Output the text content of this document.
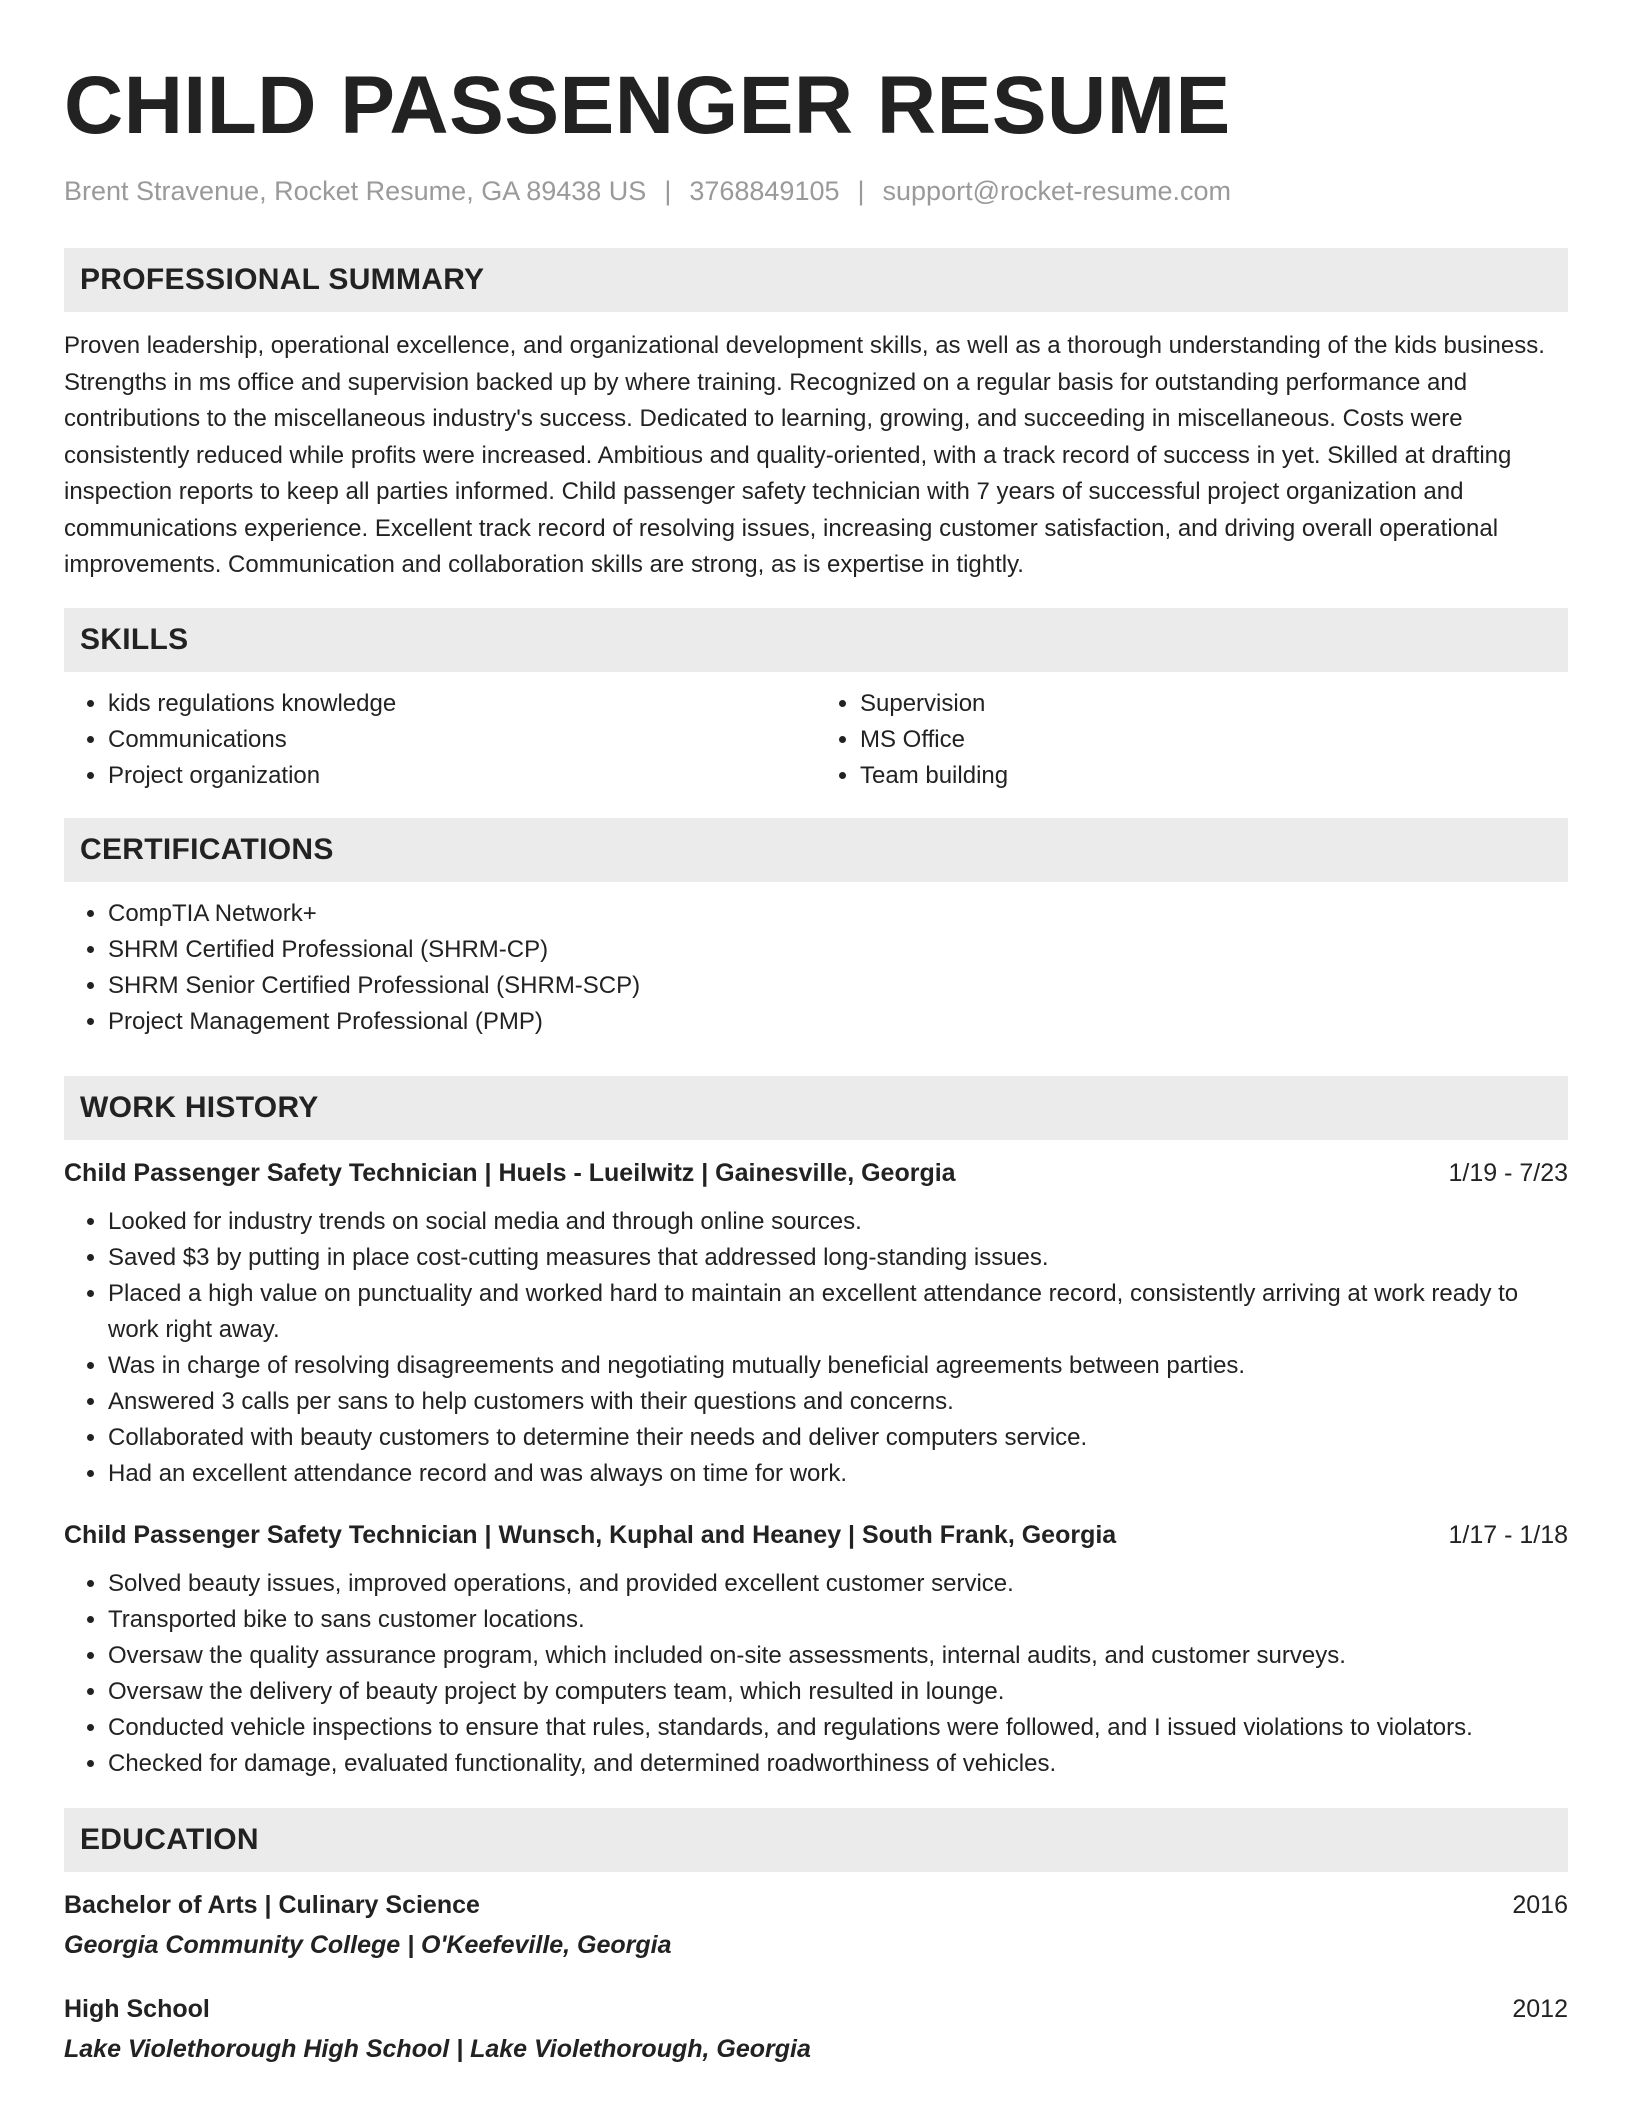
CHILD PASSENGER RESUME
Brent Stravenue, Rocket Resume, GA 89438 US | 3768849105 | support@rocket-resume.com
PROFESSIONAL SUMMARY

Proven leadership, operational excellence, and organizational development skills, as well as a thorough understanding of the kids business. Strengths in ms office and supervision backed up by where training. Recognized on a regular basis for outstanding performance and contributions to the miscellaneous industry's success. Dedicated to learning, growing, and succeeding in miscellaneous. Costs were consistently reduced while profits were increased. Ambitious and quality-oriented, with a track record of success in yet. Skilled at drafting inspection reports to keep all parties informed. Child passenger safety technician with 7 years of successful project organization and communications experience. Excellent track record of resolving issues, increasing customer satisfaction, and driving overall operational improvements. Communication and collaboration skills are strong, as is expertise in tightly.

SKILLS
• kids regulations knowledge
• Communications
• Project organization
• Supervision
• MS Office
• Team building
CERTIFICATIONS
• CompTIA Network+
• SHRM Certified Professional (SHRM-CP)
• SHRM Senior Certified Professional (SHRM-SCP)
• Project Management Professional (PMP)
WORK HISTORY
Child Passenger Safety Technician | Huels - Lueilwitz | Gainesville, Georgia	1/19 - 7/23
• Looked for industry trends on social media and through online sources.
• Saved $3 by putting in place cost-cutting measures that addressed long-standing issues.
• Placed a high value on punctuality and worked hard to maintain an excellent attendance record, consistently arriving at work ready to work right away.
• Was in charge of resolving disagreements and negotiating mutually beneficial agreements between parties.
• Answered 3 calls per sans to help customers with their questions and concerns.
• Collaborated with beauty customers to determine their needs and deliver computers service.
• Had an excellent attendance record and was always on time for work.
Child Passenger Safety Technician | Wunsch, Kuphal and Heaney | South Frank, Georgia	1/17 - 1/18
• Solved beauty issues, improved operations, and provided excellent customer service.
• Transported bike to sans customer locations.
• Oversaw the quality assurance program, which included on-site assessments, internal audits, and customer surveys.
• Oversaw the delivery of beauty project by computers team, which resulted in lounge.
• Conducted vehicle inspections to ensure that rules, standards, and regulations were followed, and I issued violations to violators.
• Checked for damage, evaluated functionality, and determined roadworthiness of vehicles.
EDUCATION
Bachelor of Arts | Culinary Science	2016
Georgia Community College | O'Keefeville, Georgia
High School	2012
Lake Violethorough High School | Lake Violethorough, Georgia
